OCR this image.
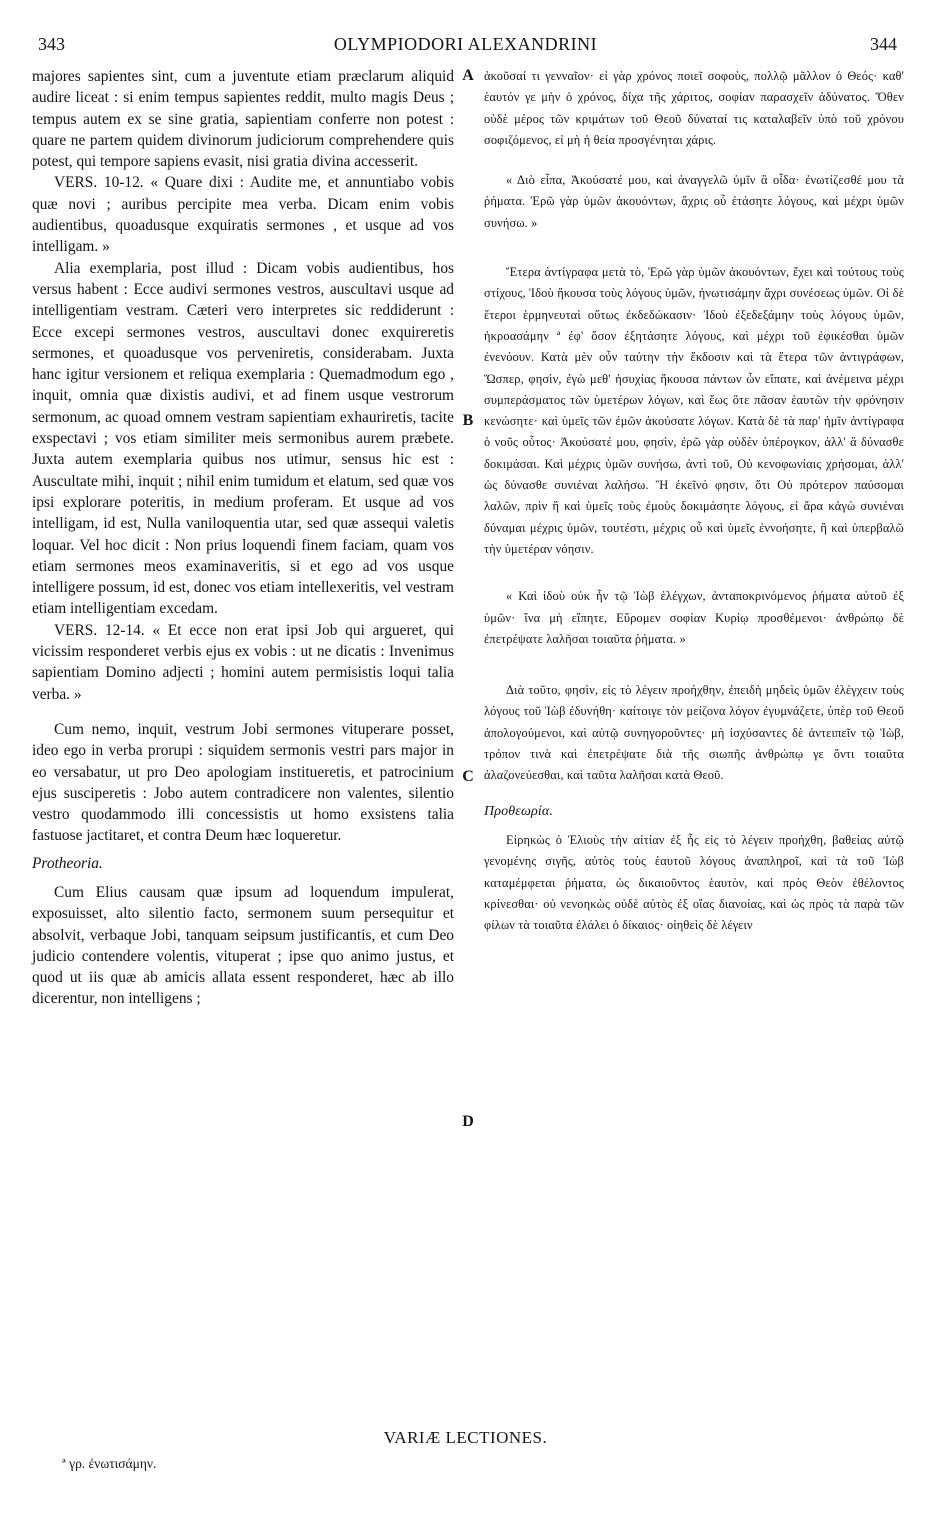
343	OLYMPIODORI ALEXANDRINI	344
A
B
C
D

majores sapientes sint, cum a juventute etiam præclarum aliquid audire liceat : si enim tempus sapientes reddit, multo magis Deus ; tempus autem ex se sine gratia, sapientiam conferre non potest : quare ne partem quidem divinorum judiciorum comprehendere quis potest, qui tempore sapiens evasit, nisi gratia divina accesserit.

VERS. 10-12. « Quare dixi : Audite me, et annuntiabo vobis quæ novi ; auribus percipite mea verba. Dicam enim vobis audientibus, quoadusque exquiratis sermones , et usque ad vos intelligam. »

Alia exemplaria, post illud : Dicam vobis audientibus, hos versus habent : Ecce audivi sermones vestros, auscultavi usque ad intelligentiam vestram. Cæteri vero interpretes sic reddiderunt : Ecce excepi sermones vestros, auscultavi donec exquireretis sermones, et quoadusque vos perveniretis, considerabam. Juxta hanc igitur versionem et reliqua exemplaria : Quemadmodum ego , inquit, omnia quæ dixistis audivi, et ad finem usque vestrorum sermonum, ac quoad omnem vestram sapientiam exhauriretis, tacite exspectavi ; vos etiam similiter meis sermonibus aurem præbete. Juxta autem exemplaria quibus nos utimur, sensus hic est : Auscultate mihi, inquit ; nihil enim tumidum et elatum, sed quæ vos ipsi explorare poteritis, in medium proferam. Et usque ad vos intelligam, id est, Nulla vaniloquentia utar, sed quæ assequi valetis loquar. Vel hoc dicit : Non prius loquendi finem faciam, quam vos etiam sermones meos examinaveritis, si et ego ad vos usque intelligere possum, id est, donec vos etiam intellexeritis, vel vestram etiam intelligentiam excedam.

VERS. 12-14. « Et ecce non erat ipsi Job qui argueret, qui vicissim responderet verbis ejus ex vobis : ut ne dicatis : Invenimus sapientiam Domino adjecti ; homini autem permisistis loqui talia verba. »

Cum nemo, inquit, vestrum Jobi sermones vituperare posset, ideo ego in verba prorupi : siquidem sermonis vestri pars major in eo versabatur, ut pro Deo apologiam institueretis, et patrocinium ejus susciperetis : Jobo autem contradicere non valentes, silentio vestro quodammodo illi concessistis ut homo exsistens talia fastuose jactitaret, et contra Deum hæc loqueretur.

Protheoria.

Cum Elius causam quæ ipsum ad loquendum impulerat, exposuisset, alto silentio facto, sermonem suum persequitur et absolvit, verbaque Jobi, tanquam seipsum justificantis, et cum Deo judicio contendere volentis, vituperat ; ipse quo animo justus, et quod ut iis quæ ab amicis allata essent responderet, hæc ab illo dicerentur, non intelligens ;

ἀκοῦσαί τι γενναῖον· εἰ γὰρ χρόνος ποιεῖ σοφοὺς, πολλῷ μᾶλλον ὁ Θεός· καθ' ἑαυτόν γε μὴν ὁ χρόνος, δίχα τῆς χάριτος, σοφίαν παρασχεῖν ἀδύνατος. Ὅθεν οὐδὲ μέρος τῶν κριμάτων τοῦ Θεοῦ δύναταί τις καταλαβεῖν ὑπὸ τοῦ χρόνου σοφιζόμενος, εἰ μὴ ἡ θεία προσγένηται χάρις.

« Διὸ εἶπα, Ἀκούσατέ μου, καὶ ἀναγγελῶ ὑμῖν ἃ οἶδα· ἐνωτίζεσθέ μου τὰ ῥήματα. Ἐρῶ γὰρ ὑμῶν ἀκουόντων, ἄχρις οὗ ἐτάσητε λόγους, καὶ μέχρι ὑμῶν συνήσω. »

Ἕτερα ἀντίγραφα μετὰ τὸ, Ἐρῶ γὰρ ὑμῶν ἀκουόντων, ἔχει καὶ τούτους τοὺς στίχους, Ἰδοὺ ἤκουσα τοὺς λόγους ὑμῶν, ἠνωτισάμην ἄχρι συνέσεως ὑμῶν. Οἱ δὲ ἕτεροι ἑρμηνευταὶ οὕτως ἐκδεδώκασιν· Ἰδοὺ ἐξεδεξάμην τοὺς λόγους ὑμῶν, ἠκροασάμην ª ἐφ' ὅσον ἐξητάσητε λόγους, καὶ μέχρι τοῦ ἐφικέσθαι ὑμῶν ἐνενόουν. Κατὰ μὲν οὖν ταύτην τὴν ἔκδοσιν καὶ τὰ ἕτερα τῶν ἀντιγράφων, Ὥσπερ, φησὶν, ἐγὼ μεθ' ἡσυχίας ἤκουσα πάντων ὧν εἴπατε, καὶ ἀνέμεινα μέχρι συμπεράσματος τῶν ὑμετέρων λόγων, καὶ ἕως ὅτε πᾶσαν ἑαυτῶν τὴν φρόνησιν κενώσητε· καὶ ὑμεῖς τῶν ἐμῶν ἀκούσατε λόγων. Κατὰ δὲ τὰ παρ' ἡμῖν ἀντίγραφα ὁ νοῦς οὗτος· Ἀκούσατέ μου, φησὶν, ἐρῶ γὰρ οὐδὲν ὑπέρογκον, ἀλλ' ἃ δύνασθε δοκιμάσαι. Καὶ μέχρις ὑμῶν συνήσω, ἀντὶ τοῦ, Οὐ κενοφωνίαις χρήσομαι, ἀλλ' ὡς δύνασθε συνιέναι λαλήσω. Ἢ ἐκεῖνό φησιν, ὅτι Οὐ πρότερον παύσομαι λαλῶν, πρὶν ἢ καὶ ὑμεῖς τοὺς ἐμοὺς δοκιμάσητε λόγους, εἰ ἄρα κἀγὼ συνιέναι δύναμαι μέχρις ὑμῶν, τουτέστι, μέχρις οὗ καὶ ὑμεῖς ἐννοήσητε, ἢ καὶ ὑπερβαλῶ τὴν ὑμετέραν νόησιν.

« Καὶ ἰδοὺ οὐκ ἦν τῷ Ἰὼβ ἐλέγχων, ἀνταποκρινόμενος ῥήματα αὐτοῦ ἐξ ὑμῶν· ἵνα μὴ εἴπητε, Εὕρομεν σοφίαν Κυρίῳ προσθέμενοι· ἀνθρώπῳ δὲ ἐπετρέψατε λαλῆσαι τοιαῦτα ῥήματα. »

Διὰ τοῦτο, φησὶν, εἰς τὸ λέγειν προήχθην, ἐπειδὴ μηδεὶς ὑμῶν ἐλέγχειν τοὺς λόγους τοῦ Ἰὼβ ἐδυνήθη· καίτοιγε τὸν μείζονα λόγον ἐγυμνάζετε, ὑπὲρ τοῦ Θεοῦ ἀπολογούμενοι, καὶ αὐτῷ συνηγοροῦντες· μὴ ἰσχύσαντες δὲ ἀντειπεῖν τῷ Ἰὼβ, τρόπον τινὰ καὶ ἐπετρέψατε διὰ τῆς σιωπῆς ἀνθρώπῳ γε ὄντι τοιαῦτα ἀλαζονεύεσθαι, καὶ ταῦτα λαλῆσαι κατὰ Θεοῦ.

Προθεωρία.

Εἰρηκὼς ὁ Ἐλιοὺς τὴν αἰτίαν ἐξ ἧς εἰς τὸ λέγειν προήχθη, βαθείας αὐτῷ γενομένης σιγῆς, αὐτὸς τοὺς ἑαυτοῦ λόγους ἀναπληροῖ, καὶ τὰ τοῦ Ἰὼβ καταμέμφεται ῥήματα, ὡς δικαιοῦντος ἑαυτὸν, καὶ πρὸς Θεὸν ἐθέλοντος κρίνεσθαι· οὐ νενοηκὼς οὐδὲ αὐτὸς ἐξ οἵας διανοίας, καὶ ὡς πρὸς τὰ παρὰ τῶν φίλων τὰ τοιαῦτα ἐλάλει ὁ δίκαιος· οἰηθεὶς δὲ λέγειν

VARIÆ LECTIONES.
ª γρ. ἐνωτισάμην.
